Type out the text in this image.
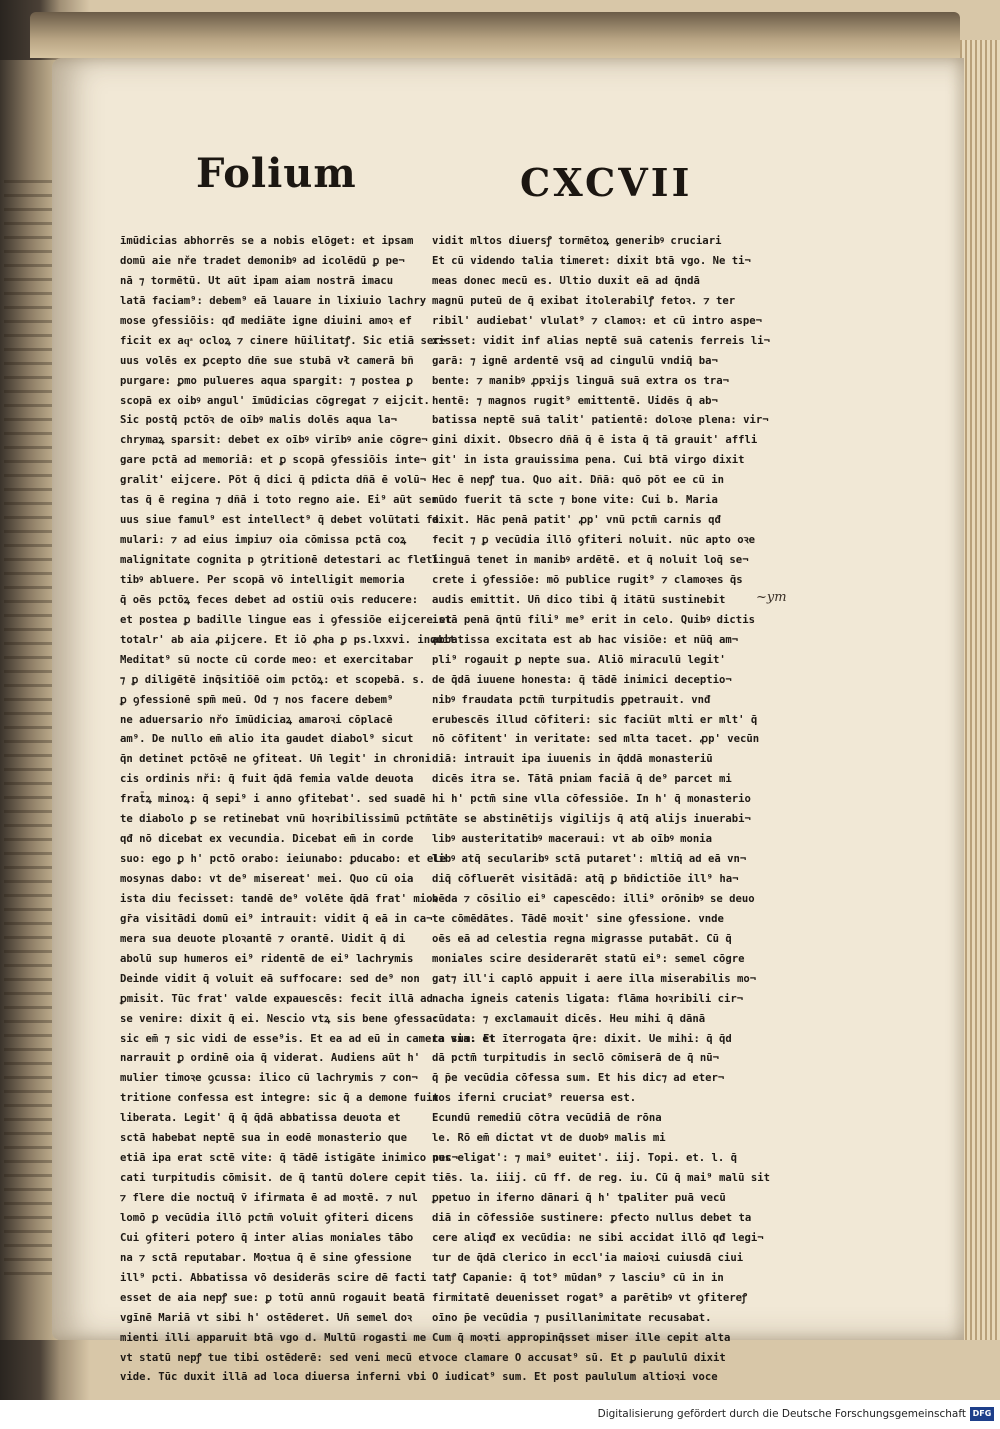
Folium	CXCVII
īmūdicias abhorrēs se a nobis elōget: et ipsam
domū aie nře tradet demonibꝰ ad icolēdū ꝑ pe¬
nā ⁊ tormētū. Ut aūt ipam aiam nostrā imacu
latā faciam⁹: debem⁹ eā lauare in lixiuio lachry
mose ꝯfessiōis: qđ mediāte igne diuini amoꝛ ef
ficit ex aqͣ ocloꝝ ⁊ cinere hūilitatꝭ. Sic etiā ser¬
uus volēs ex ꝑcepto dñe sue stubā vł camerā bñ
purgare: ꝑmo pulueres aqua spargit: ⁊ postea ꝑ
scopā ex oibꝰ angul' īmūdicias cōgregat ⁊ eijcit.
Sic postq̄ pctōꝛ de oībꝰ malis dolēs aqua la¬
chrymaꝝ sparsit: debet ex oībꝰ virībꝰ anie cōgre¬
gare pctā ad memoriā: et ꝑ scopā ꝯfessiōis inte¬
gralit' eijcere. Pōt q̄ dici q̄ pdicta dñā ē volū¬
tas q̄ ē regina ⁊ dñā i toto regno aie. Ei⁹ aūt ser
uus siue famul⁹ est intellect⁹ q̄ debet volūtati fa
mulari: ⁊ ad eius impiu⁊ oia cōmissa pctā coꝝ
malignitate cognita p ꝯtritionē detestari ac fleti
tibꝰ abluere. Per scopā vō intelligit memoria
q̄ oēs pctōꝝ feces debet ad ostiū oꝛis reducere:
et postea ꝑ badille lingue eas i ꝯfessiōe eijcere et
totalr' ab aia ꝓijcere. Et iō ꝓha ꝑ ps.lxxvi. inquit
Meditat⁹ sū nocte cū corde meo: et exercitabar
⁊ ꝑ diligētē inq̄sitiōē oim pctōꝝ: et scopebā. s.
ꝑ ꝯfessionē spm̄ meū. Od ⁊ nos facere debem⁹
ne aduersario nřo īmūdiciaꝝ amaroꝛi cōplacē
am⁹. De nullo em̄ alio ita gaudet diabol⁹ sicut
q̄n detinet pctōꝛē ne ꝯfiteat. Un̄ legit' in chroni
cis ordinis nři: q̄ fuit q̄dā femia valde deuota
frat̄ꝝ minoꝝ: q̄ sepi⁹ i anno ꝯfitebat'. sed suadē
te diabolo ꝑ se retinebat vnū hoꝛribilissimū pctm̄
qđ nō dicebat ex vecundia. Dicebat em̄ in corde
suo: ego ꝑ h' pctō orabo: ieiunabo: ꝑducabo: et ele
mosynas dabo: vt de⁹ misereat' mei. Quo cū oia
ista diu fecisset: tandē de⁹ volēte q̄dā frat' mioꝛ
gr̄a visitādi domū ei⁹ intrauit: vidit q̄ eā in ca¬
mera sua deuote ploꝛantē ⁊ orantē. Uidit q̄ di
abolū sup humeros ei⁹ ridentē de ei⁹ lachrymis
Deinde vidit q̄ voluit eā suffocare: sed de⁹ non
ꝑmisit. Tūc frat' valde expauescēs: fecit illā ad
se venire: dixit q̄ ei. Nescio vtꝝ sis bene ꝯfessa:
sic em̄ ⁊ sic vidi de esse⁹is. Et ea ad eū in camera via: et
narrauit ꝑ ordinē oia q̄ viderat. Audiens aūt h'
mulier timoꝛe ꝯcussa: ilico cū lachrymis ⁊ con¬
tritione confessa est integre: sic q̄ a demone fuit
liberata. Legit' q̄ q̄ q̄dā abbatissa deuota et
sctā habebat neptē sua in eodē monasterio que
etiā ipa erat sctē vite: q̄ tādē istigāte inimico pec¬
cati turpitudis cōmisit. de q̄ tantū dolere cepit
⁊ flere die noctuq̄ v̄ ifirmata ē ad moꝛtē. ⁊ nul
lomō ꝑ vecūdia illō pctm̄ voluit ꝯfiteri dicens
Cui ꝯfiteri potero q̄ inter alias moniales tābo
na ⁊ sctā reputabar. Moꝛtua q̄ ē sine ꝯfessione
ill⁹ pcti. Abbatissa vō desiderās scire dē facti
esset de aia nepꝭ sue: ꝑ totū annū rogauit beatā
vgīnē Mariā vt sibi h' ostēderet. Un̄ semel doꝛ
mienti illi apparuit btā vgo d. Multū rogasti me
vt statū nepꝭ tue tibi ostēderē: sed veni mecū et
vide. Tūc duxit illā ad loca diuersa inferni vbi
vidit mltos diuersꝭ tormētoꝝ generibꝰ cruciari
Et cū videndo talia timeret: dixit btā vgo. Ne ti¬
meas donec mecū es. Ultio duxit eā ad q̄ndā
magnū puteū de q̄ exibat itolerabilꝭ fetoꝛ. ⁊ ter
ribil' audiebat' vlulat⁹ ⁊ clamoꝛ: et cū intro aspe¬
xisset: vidit inf alias neptē suā catenis ferreis li¬
garā: ⁊ ignē ardentē vsq̄ ad cingulū vndiq̄ ba¬
bente: ⁊ manibꝰ ꝓpꝛijs linguā suā extra os tra¬
hentē: ⁊ magnos rugit⁹ emittentē. Uidēs q̄ ab¬
batissa neptē suā talit' patientē: doloꝛe plena: vir¬
gini dixit. Obsecro dñā q̄ ē ista q̄ tā grauit' affli
git' in ista grauissima pena. Cui btā virgo dixit
Hec ē nepꝭ tua. Quo ait. Dñā: quō pōt ee cū in
mūdo fuerit tā scte ⁊ bone vite: Cui b. Maria
dixit. Hāc penā patit' ꝓp' vnū pctm̄ carnis qđ
fecit ⁊ ꝑ vecūdia illō ꝯfiteri noluit. nūc apto oꝛe
linguā tenet in manibꝰ ardētē. et q̄ noluit loq̄ se¬
crete i ꝯfessiōe: mō publice rugit⁹ ⁊ clamoꝛes q̄s
audis emittit. Un̄ dico tibi q̄ itātū sustinebit
istā penā q̄ntū fili⁹ me⁹ erit in celo. Quibꝰ dictis
abbatissa excitata est ab hac visiōe: et nūq̄ am¬
pli⁹ rogauit ꝑ nepte sua. Aliō miraculū legit'
de q̄dā iuuene honesta: q̄ tādē inimici deceptio¬
nibꝰ fraudata pctm̄ turpitudis ꝑpetrauit. vnđ
erubescēs illud cōfiteri: sic faciūt mlti er mlt' q̄
nō cōfitent' in veritate: sed mlta tacet. ꝓp' vecūn
diā: intrauit ipa iuuenis in q̄ddā monasteriū
dicēs itra se. Tātā pniam faciā q̄ de⁹ parcet mi
hi h' pctm̄ sine vlla cōfessiōe. In h' q̄ monasterio
tāte se abstinētijs vigilijs q̄ atq̄ alijs inuerabi¬
libꝰ austeritatibꝰ maceraui: vt ab oībꝰ monia
libꝰ atq̄ secularibꝰ sctā putaret': mltiq̄ ad eā vn¬
diq̄ cōfluerēt visitādā: atq̄ ꝑ bñdictiōe ill⁹ ha¬
bēda ⁊ cōsilio ei⁹ capescēdo: illi⁹ orōnibꝰ se deuo
te cōmēdātes. Tādē moꝛit' sine ꝯfessione. vnde
oēs eā ad celestia regna migrasse putabāt. Cū q̄
moniales scire desiderarēt statū ei⁹: semel cōgre
gat⁊ ill'i caplō appuit i aere illa miserabilis mo¬
nacha igneis catenis ligata: flāma hoꝛribili cir¬
cūdata: ⁊ exclamauit dicēs. Heu mihi q̄ dānā
ta sum. Et īterrogata q̄re: dixit. Ue mihi: q̄ q̄d
dā pctm̄ turpitudis in seclō cōmiserā de q̄ nū¬
q̄ p̄e vecūdia cōfessa sum. Et his dic⁊ ad eter¬
nos iferni cruciat⁹ reuersa est.
Ecundū remediū cōtra vecūdiā de rōna
le. Rō em̄ dictat vt de duobꝰ malis mi
nus eligat': ⁊ mai⁹ euitet'. iij. Topi. et. l. q̄
tiēs. la. iiij. cū ff. de reg. iu. Cū q̄ mai⁹ malū sit
ꝑpetuo in iferno dānari q̄ h' tpaliter puā vecū
diā in cōfessiōe sustinere: ꝑfecto nullus debet ta
cere aliqđ ex vecūdia: ne sibi accidat illō qđ legi¬
tur de q̄dā clerico in eccl'ia maioꝛi cuiusdā ciui
tatꝭ Capanie: q̄ tot⁹ mūdan⁹ ⁊ lasciu⁹ cū in in
firmitatē deuenisset rogat⁹ a parētibꝰ vt ꝯfitereꝭ
oīno p̄e vecūdia ⁊ pusillanimitate recusabat.
Cum q̄ moꝛti appropinq̄sset miser ille cepit alta
voce clamare O accusat⁹ sū. Et ꝑ paululū dixit
O iudicat⁹ sum. Et post paululum altioꝛi voce
~ym
Digitalisierung gefördert durch die Deutsche Forschungsgemeinschaft DFG
